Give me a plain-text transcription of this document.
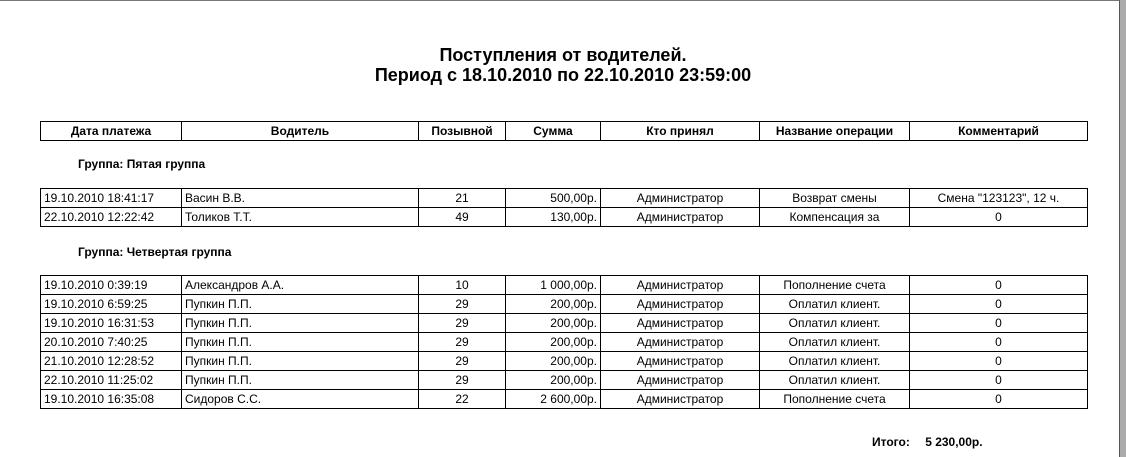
Поступления от водителей.
Период с 18.10.2010 по 22.10.2010 23:59:00
Дата платежа	Водитель	Позывной	Сумма	Кто принял	Название операции	Комментарий
Группа: Пятая группа
19.10.2010 18:41:17	Васин В.В.	21	500,00р.	Администратор	Возврат смены	Смена "123123", 12 ч.
22.10.2010 12:22:42	Толиков Т.Т.	49	130,00р.	Администратор	Компенсация за	0
Группа: Четвертая группа
19.10.2010 0:39:19	Александров А.А.	10	1 000,00р.	Администратор	Пополнение счета	0
19.10.2010 6:59:25	Пупкин П.П.	29	200,00р.	Администратор	Оплатил клиент.	0
19.10.2010 16:31:53	Пупкин П.П.	29	200,00р.	Администратор	Оплатил клиент.	0
20.10.2010 7:40:25	Пупкин П.П.	29	200,00р.	Администратор	Оплатил клиент.	0
21.10.2010 12:28:52	Пупкин П.П.	29	200,00р.	Администратор	Оплатил клиент.	0
22.10.2010 11:25:02	Пупкин П.П.	29	200,00р.	Администратор	Оплатил клиент.	0
19.10.2010 16:35:08	Сидоров С.С.	22	2 600,00р.	Администратор	Пополнение счета	0
Итого: 5 230,00р.
